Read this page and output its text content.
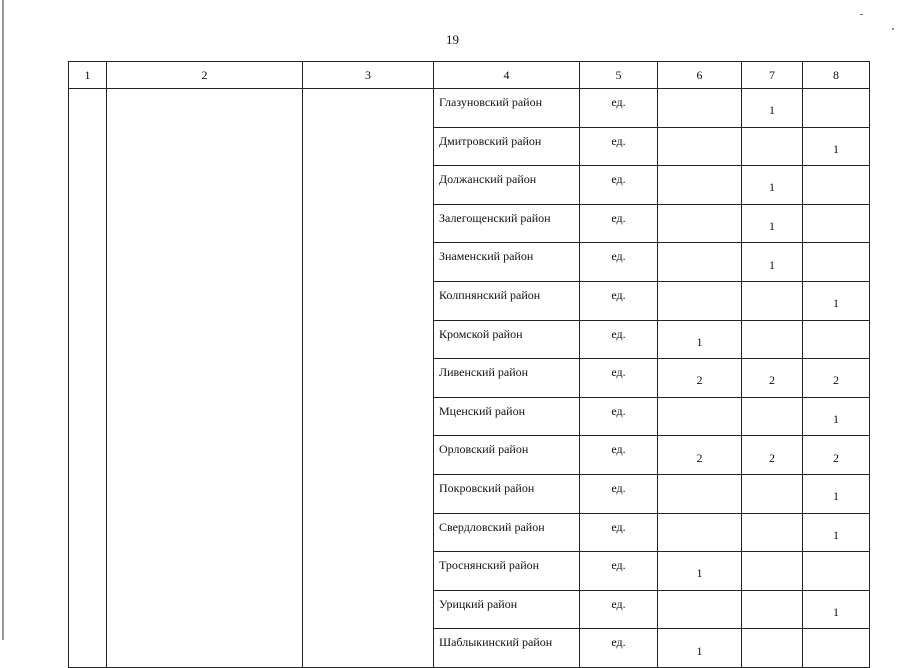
19
1	2	3	4	5	6	7	8
			Глазуновский район	ед.		1	
			Дмитровский район	ед.			1
			Должанский район	ед.		1	
			Залегощенский район	ед.		1	
			Знаменский район	ед.		1	
			Колпнянский район	ед.			1
			Кромской район	ед.	1		
			Ливенский район	ед.	2	2	2
			Мценский район	ед.			1
			Орловский район	ед.	2	2	2
			Покровский район	ед.			1
			Свердловский район	ед.			1
			Троснянский район	ед.	1		
			Урицкий район	ед.			1
			Шаблыкинский район	ед.	1		
